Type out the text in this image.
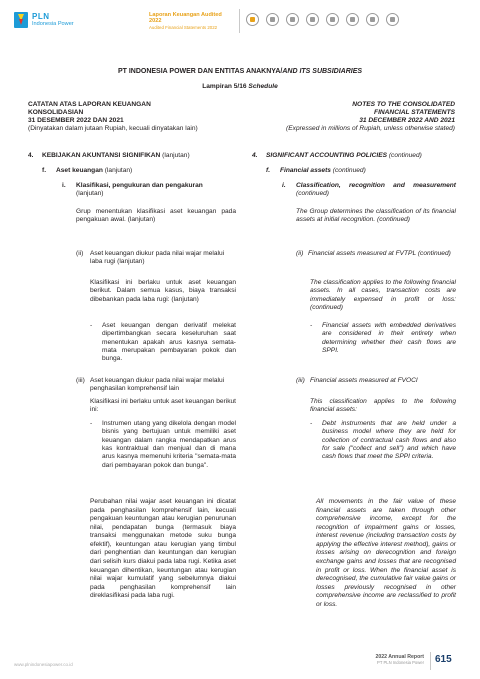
PLN
Indonesia Power
Laporan Keuangan Audited 2022
Audited Financial Statements 2022
PT INDONESIA POWER DAN ENTITAS ANAKNYA/AND ITS SUBSIDIARIES
Lampiran 5/16 Schedule
CATATAN ATAS LAPORAN KEUANGAN
KONSOLIDASIAN
31 DESEMBER 2022 DAN 2021
(Dinyatakan dalam jutaan Rupiah, kecuali dinyatakan lain)
NOTES TO THE CONSOLIDATED
FINANCIAL STATEMENTS
31 DECEMBER 2022 AND 2021
(Expressed in millions of Rupiah, unless otherwise stated)
4.	KEBIJAKAN AKUNTANSI SIGNIFIKAN (lanjutan)
f.	Aset keuangan (lanjutan)
i.	Klasifikasi, pengukuran dan pengakuran
(lanjutan)
Grup menentukan klasifikasi aset keuangan pada pengakuan awal. (lanjutan)
(ii)	Aset keuangan diukur pada nilai wajar melalui laba rugi (lanjutan)
Klasifikasi ini berlaku untuk aset keuangan berikut. Dalam semua kasus, biaya transaksi dibebankan pada laba rugi: (lanjutan)
-	Aset keuangan dengan derivatif melekat dipertimbangkan secara keseluruhan saat menentukan apakah arus kasnya semata-mata merupakan pembayaran pokok dan bunga.
(iii) Aset keuangan diukur pada nilai wajar melalui penghasilan komprehensif lain
Klasifikasi ini berlaku untuk aset keuangan berikut ini:
-	Instrumen utang yang dikelola dengan model bisnis yang bertujuan untuk memiliki aset keuangan dalam rangka mendapatkan arus kas kontraktual dan menjual dan di mana arus kasnya memenuhi kriteria "semata-mata dari pembayaran pokok dan bunga".
Perubahan nilai wajar aset keuangan ini dicatat pada penghasilan komprehensif lain, kecuali pengakuan keuntungan atau kerugian penurunan nilai, pendapatan bunga (termasuk biaya transaksi menggunakan metode suku bunga efektif), keuntungan atau kerugian yang timbul dari penghentian dan keuntungan dan kerugian dari selisih kurs diakui pada laba rugi. Ketika aset keuangan dihentikan, keuntungan atau kerugian nilai wajar kumulatif yang sebelumnya diakui pada penghasilan komprehensif lain direklasifikasi pada laba rugi.
4.	SIGNIFICANT ACCOUNTING POLICIES (continued)
f.	Financial assets (continued)
i.	Classification, recognition and measurement (continued)
The Group determines the classification of its financial assets at initial recognition. (continued)
(ii) Financial assets measured at FVTPL (continued)
The classification applies to the following financial assets. In all cases, transaction costs are immediately expensed in profit or loss: (continued)
-	Financial assets with embedded derivatives are considered in their entirety when determining whether their cash flows are SPPI.
(iii) Financial assets measured at FVOCI
This classification applies to the following financial assets:
-	Debt instruments that are held under a business model where they are held for collection of contractual cash flows and also for sale ("collect and sell") and which have cash flows that meet the SPPI criteria.
All movements in the fair value of these financial assets are taken through other comprehensive income, except for the recognition of impairment gains or losses, interest revenue (including transaction costs by applying the effective interest method), gains or losses arising on derecognition and foreign exchange gains and losses that are recognised in profit or loss. When the financial asset is derecognised, the cumulative fair value gains or losses previously recognised in other comprehensive income are reclassified to profit or loss.
www.plnindonesiapower.co.id
2022 Annual Report
PT PLN Indonesia Power 615
